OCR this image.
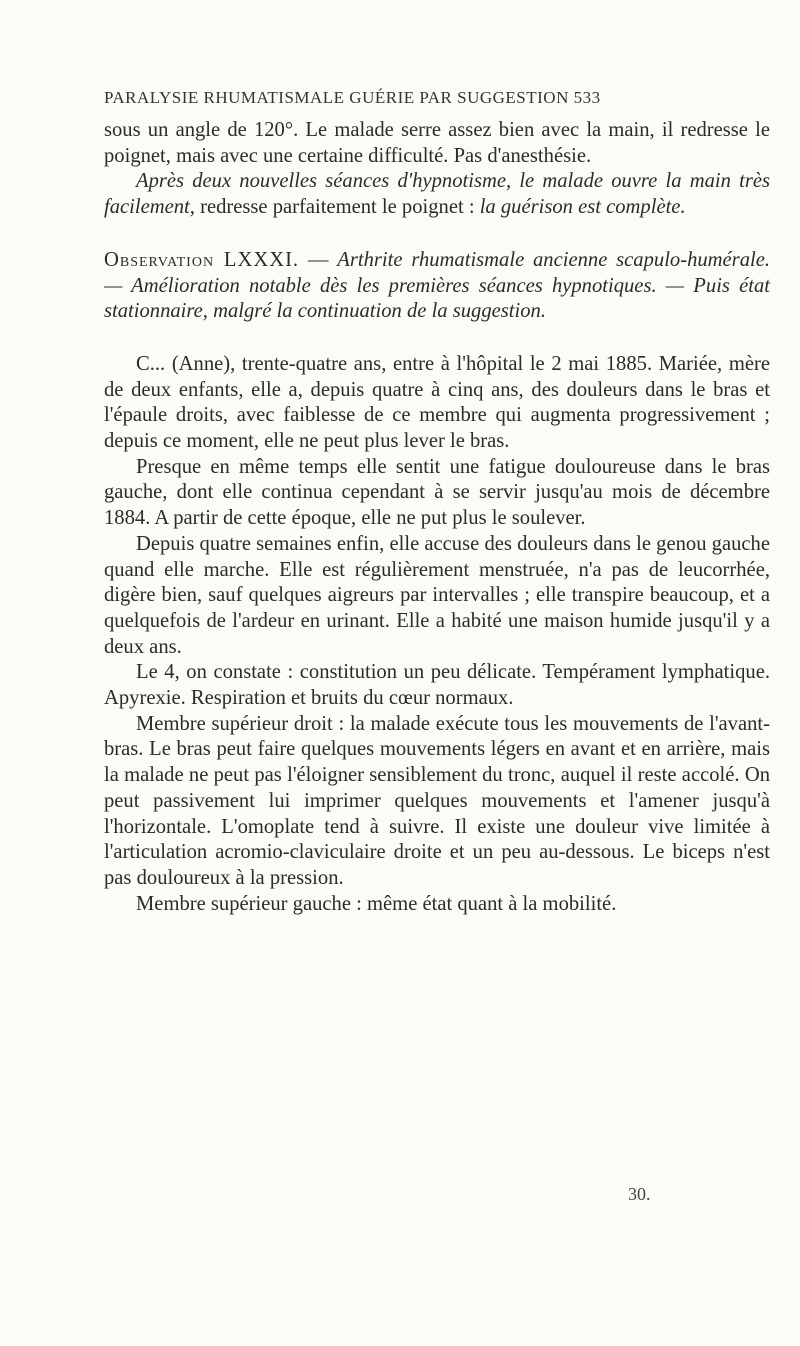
PARALYSIE RHUMATISMALE GUÉRIE PAR SUGGESTION 533

sous un angle de 120°. Le malade serre assez bien avec la main, il redresse le poignet, mais avec une certaine difficulté. Pas d'anesthésie.

Après deux nouvelles séances d'hypnotisme, le malade ouvre la main très facilement, redresse parfaitement le poignet : la guérison est complète.

Observation LXXXI. — Arthrite rhumatismale ancienne scapulo-humérale. — Amélioration notable dès les premières séances hypnotiques. — Puis état stationnaire, malgré la continuation de la suggestion.

C... (Anne), trente-quatre ans, entre à l'hôpital le 2 mai 1885. Mariée, mère de deux enfants, elle a, depuis quatre à cinq ans, des douleurs dans le bras et l'épaule droits, avec faiblesse de ce membre qui augmenta progressivement ; depuis ce moment, elle ne peut plus lever le bras.

Presque en même temps elle sentit une fatigue douloureuse dans le bras gauche, dont elle continua cependant à se servir jusqu'au mois de décembre 1884. A partir de cette époque, elle ne put plus le soulever.

Depuis quatre semaines enfin, elle accuse des douleurs dans le genou gauche quand elle marche. Elle est régulièrement menstruée, n'a pas de leucorrhée, digère bien, sauf quelques aigreurs par intervalles ; elle transpire beaucoup, et a quelquefois de l'ardeur en urinant. Elle a habité une maison humide jusqu'il y a deux ans.

Le 4, on constate : constitution un peu délicate. Tempérament lymphatique. Apyrexie. Respiration et bruits du cœur normaux.

Membre supérieur droit : la malade exécute tous les mouvements de l'avant-bras. Le bras peut faire quelques mouvements légers en avant et en arrière, mais la malade ne peut pas l'éloigner sensiblement du tronc, auquel il reste accolé. On peut passivement lui imprimer quelques mouvements et l'amener jusqu'à l'horizontale. L'omoplate tend à suivre. Il existe une douleur vive limitée à l'articulation acromio-claviculaire droite et un peu au-dessous. Le biceps n'est pas douloureux à la pression.

Membre supérieur gauche : même état quant à la mobilité.

30.
